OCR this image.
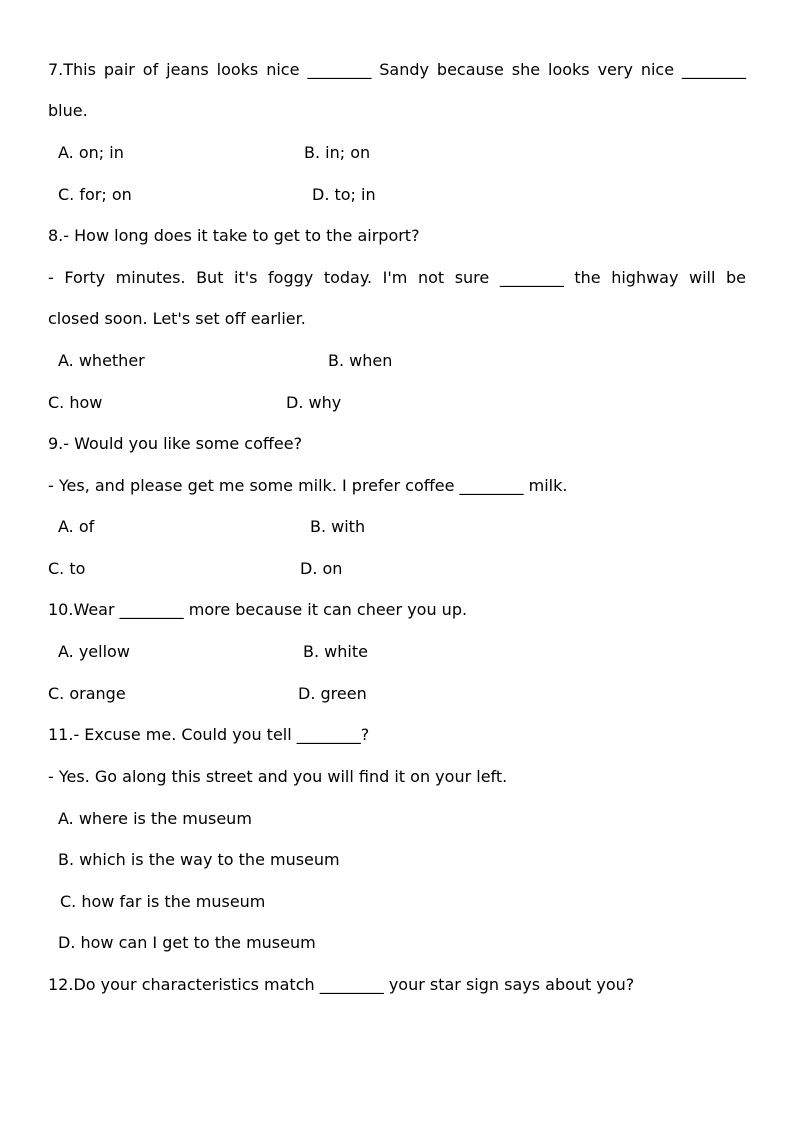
7.This pair of jeans looks nice ________ Sandy because she looks very nice ________
blue.
A. on; in	B. in; on
C. for; on	D. to; in
8.- How long does it take to get to the airport?
- Forty minutes. But it's foggy today. I'm not sure ________ the highway will be
closed soon. Let's set off earlier.
A. whether	B. when
C. how	D. why
9.- Would you like some coffee?
- Yes, and please get me some milk. I prefer coffee ________ milk.
A. of	B. with
C. to	D. on
10.Wear ________ more because it can cheer you up.
A. yellow	B. white
C. orange	D. green
11.- Excuse me. Could you tell ________?
- Yes. Go along this street and you will find it on your left.
A. where is the museum
B. which is the way to the museum
C. how far is the museum
D. how can I get to the museum
12.Do your characteristics match ________ your star sign says about you?
